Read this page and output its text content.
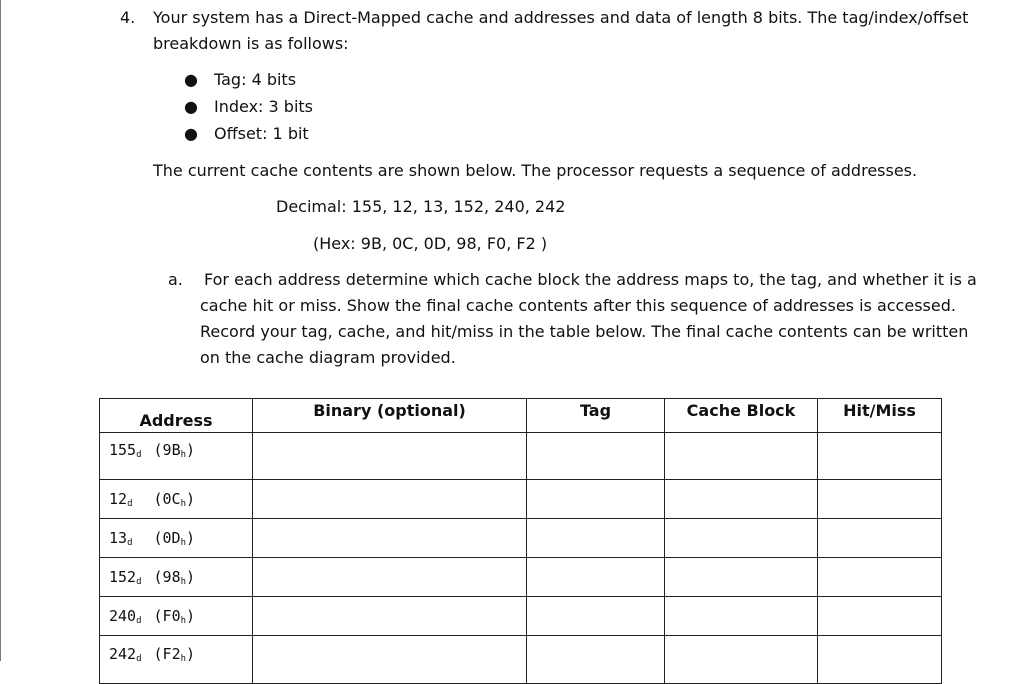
4. Your system has a Direct-Mapped cache and addresses and data of length 8 bits. The tag/index/offset
breakdown is as follows:
● Tag: 4 bits
● Index: 3 bits
● Offset: 1 bit
The current cache contents are shown below. The processor requests a sequence of addresses.
Decimal: 155, 12, 13, 152, 240, 242
(Hex: 9B, 0C, 0D, 98, F0, F2 )
a. For each address determine which cache block the address maps to, the tag, and whether it is a
cache hit or miss. Show the final cache contents after this sequence of addresses is accessed.
Record your tag, cache, and hit/miss in the table below. The final cache contents can be written
on the cache diagram provided.
Address	Binary (optional)	Tag	Cache Block	Hit/Miss
$155_d$ $(9B_h)$				
$12_d$ $(0C_h)$				
$13_d$ $(0D_h)$				
$152_d$ $(98_h)$				
$240_d$ $(F0_h)$				
$242_d$ $(F2_h)$				
